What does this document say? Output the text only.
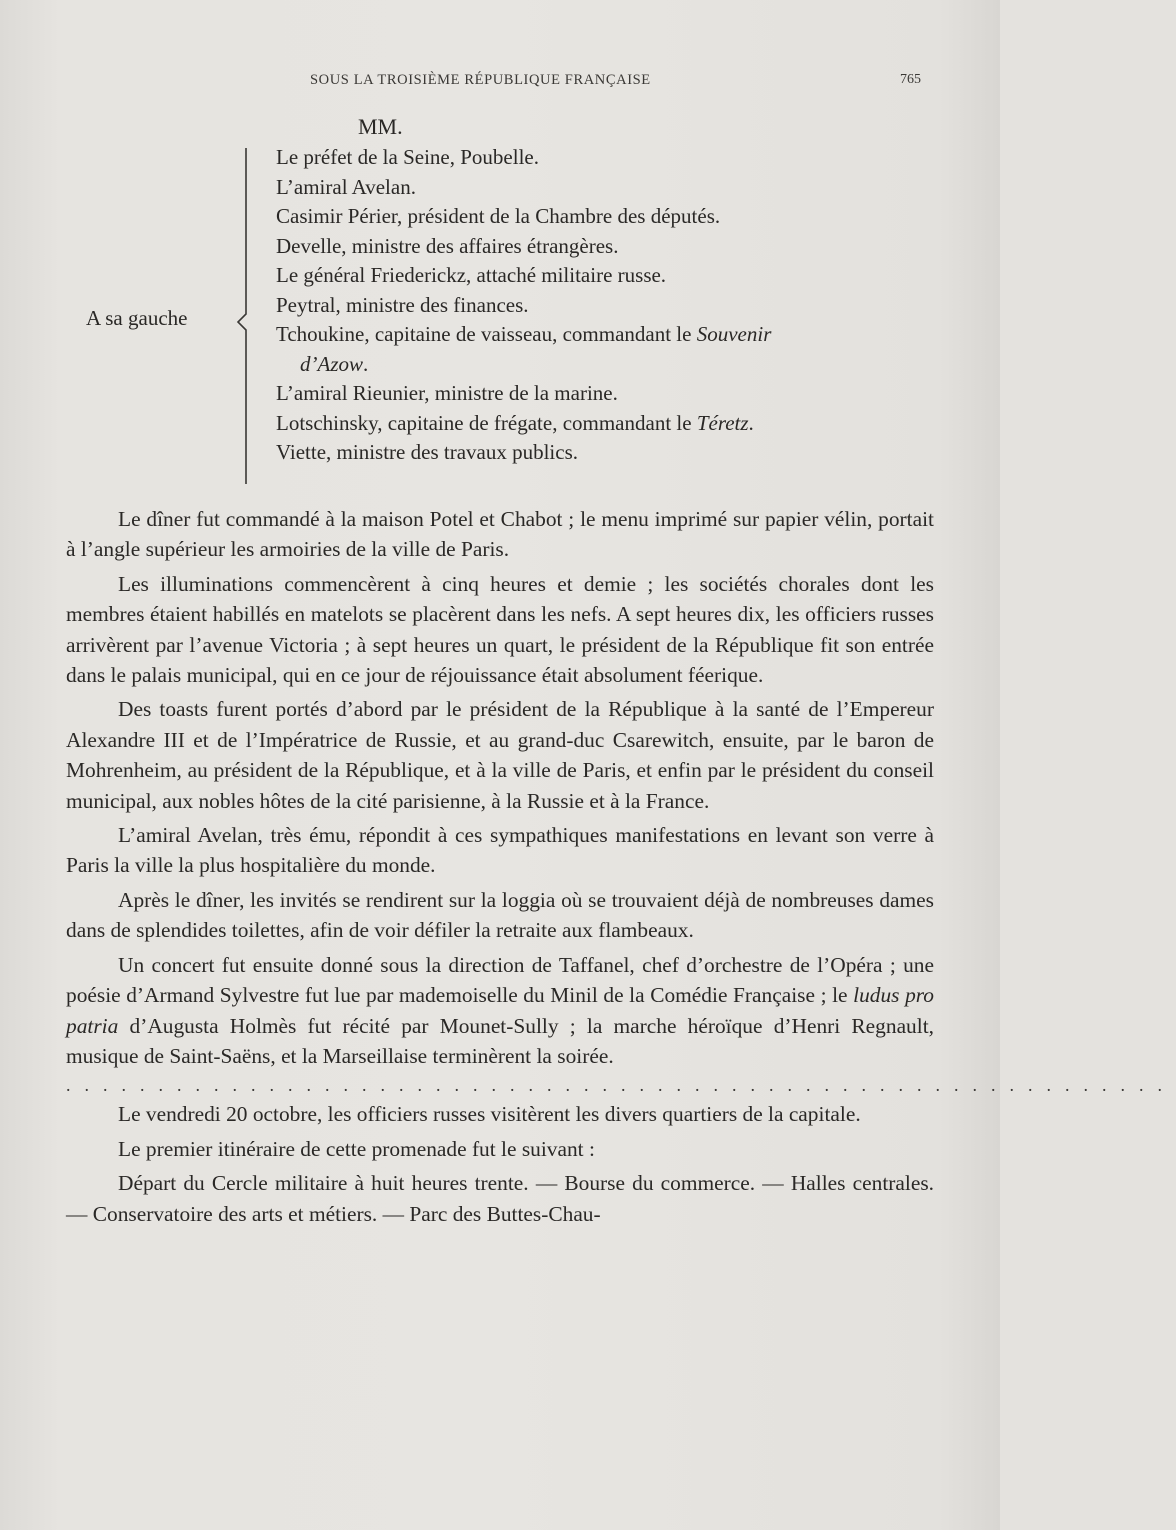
SOUS LA TROISIÈME RÉPUBLIQUE FRANÇAISE	765
MM.
A sa gauche
Le préfet de la Seine, Poubelle.
L’amiral Avelan.
Casimir Périer, président de la Chambre des députés.
Develle, ministre des affaires étrangères.
Le général Friederickz, attaché militaire russe.
Peytral, ministre des finances.
Tchoukine, capitaine de vaisseau, commandant le Souvenir
d’Azow.
L’amiral Rieunier, ministre de la marine.
Lotschinsky, capitaine de frégate, commandant le Téretz.
Viette, ministre des travaux publics.

Le dîner fut commandé à la maison Potel et Chabot ; le menu imprimé sur papier vélin, portait à l’angle supérieur les armoiries de la ville de Paris.

Les illuminations commencèrent à cinq heures et demie ; les sociétés chorales dont les membres étaient habillés en matelots se placèrent dans les nefs. A sept heures dix, les officiers russes arrivèrent par l’avenue Victoria ; à sept heures un quart, le président de la République fit son entrée dans le palais municipal, qui en ce jour de réjouissance était absolument féerique.

Des toasts furent portés d’abord par le président de la République à la santé de l’Empereur Alexandre III et de l’Impératrice de Russie, et au grand-duc Csarewitch, ensuite, par le baron de Mohrenheim, au président de la République, et à la ville de Paris, et enfin par le président du conseil municipal, aux nobles hôtes de la cité parisienne, à la Russie et à la France.

L’amiral Avelan, très ému, répondit à ces sympathiques manifestations en levant son verre à Paris la ville la plus hospitalière du monde.

Après le dîner, les invités se rendirent sur la loggia où se trouvaient déjà de nombreuses dames dans de splendides toilettes, afin de voir défiler la retraite aux flambeaux.

Un concert fut ensuite donné sous la direction de Taffanel, chef d’orchestre de l’Opéra ; une poésie d’Armand Sylvestre fut lue par mademoiselle du Minil de la Comédie Française ; le ludus pro patria d’Augusta Holmès fut récité par Mounet-Sully ; la marche héroïque d’Henri Regnault, musique de Saint-Saëns, et la Marseillaise terminèrent la soirée.

............................................................

Le vendredi 20 octobre, les officiers russes visitèrent les divers quartiers de la capitale.

Le premier itinéraire de cette promenade fut le suivant :

Départ du Cercle militaire à huit heures trente. — Bourse du commerce. — Halles centrales. — Conservatoire des arts et métiers. — Parc des Buttes-Chau-
